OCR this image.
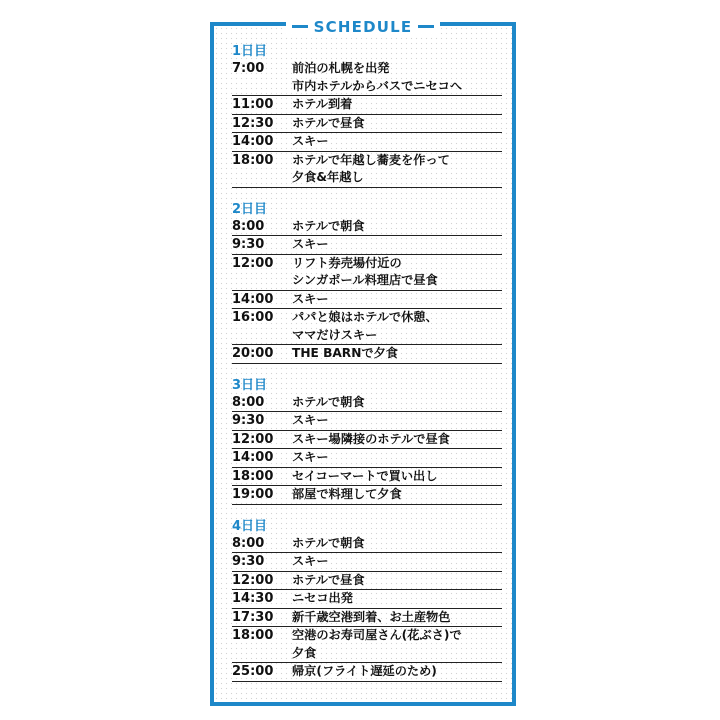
SCHEDULE
1日目
7:00	前泊の札幌を出発
市内ホテルからバスでニセコへ
11:00	ホテル到着
12:30	ホテルで昼食
14:00	スキー
18:00	ホテルで年越し蕎麦を作って
夕食&年越し
2日目
8:00	ホテルで朝食
9:30	スキー
12:00	リフト券売場付近の
シンガポール料理店で昼食
14:00	スキー
16:00	パパと娘はホテルで休憩、
ママだけスキー
20:00	THE BARNで夕食
3日目
8:00	ホテルで朝食
9:30	スキー
12:00	スキー場隣接のホテルで昼食
14:00	スキー
18:00	セイコーマートで買い出し
19:00	部屋で料理して夕食
4日目
8:00	ホテルで朝食
9:30	スキー
12:00	ホテルで昼食
14:30	ニセコ出発
17:30	新千歳空港到着、お土産物色
18:00	空港のお寿司屋さん(花ぶさ)で
夕食
25:00	帰京(フライト遅延のため)
